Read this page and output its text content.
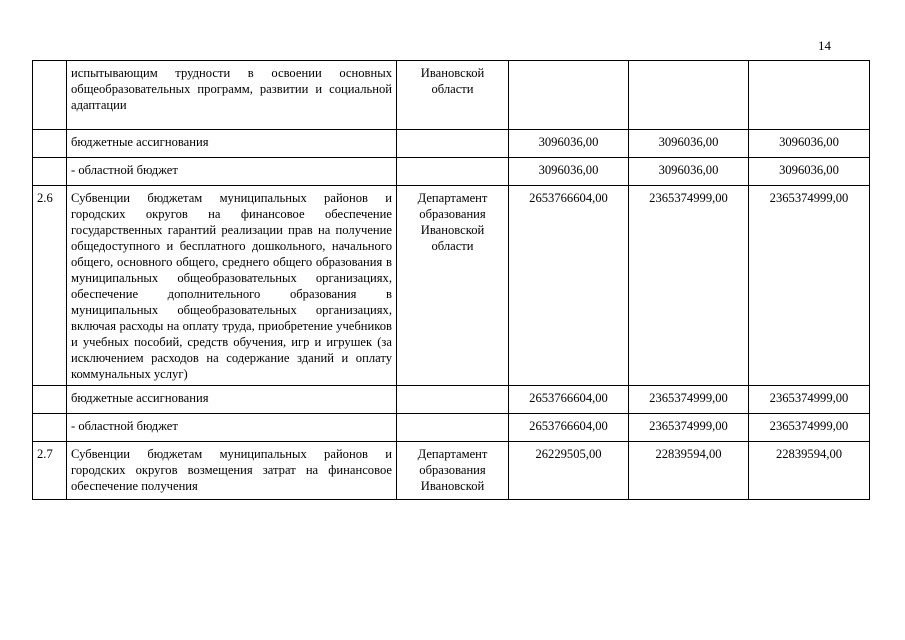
14
	испытывающим трудности в освоении основных общеобразовательных программ, развитии и социальной адаптации	Ивановской области			
	бюджетные ассигнования		3096036,00	3096036,00	3096036,00
	- областной бюджет		3096036,00	3096036,00	3096036,00
2.6	Субвенции бюджетам муниципальных районов и городских округов на финансовое обеспечение государственных гарантий реализации прав на получение общедоступного и бесплатного дошкольного, начального общего, основного общего, среднего общего образования в муниципальных общеобразовательных организациях, обеспечение дополнительного образования в муниципальных общеобразовательных организациях, включая расходы на оплату труда, приобретение учебников и учебных пособий, средств обучения, игр и игрушек (за исключением расходов на содержание зданий и оплату коммунальных услуг)	Департамент образования Ивановской области	2653766604,00	2365374999,00	2365374999,00
	бюджетные ассигнования		2653766604,00	2365374999,00	2365374999,00
	- областной бюджет		2653766604,00	2365374999,00	2365374999,00
2.7	Субвенции бюджетам муниципальных районов и городских округов возмещения затрат на финансовое обеспечение получения	Департамент образования Ивановской	26229505,00	22839594,00	22839594,00
